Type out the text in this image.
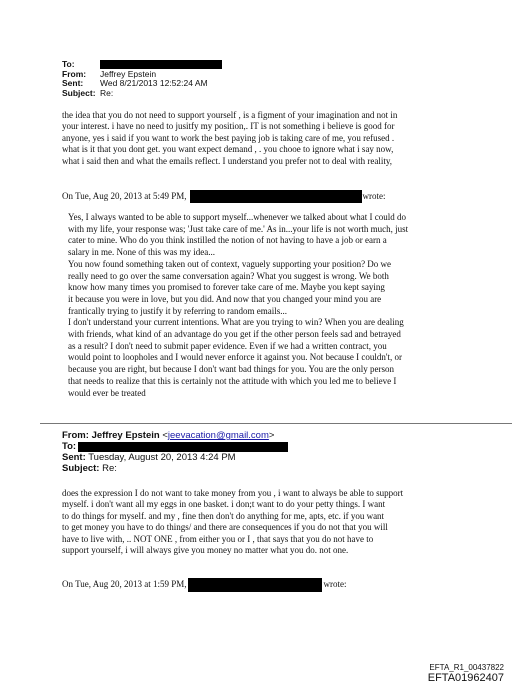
To:
From:	Jeffrey Epstein
Sent:	Wed 8/21/2013 12:52:24 AM
Subject: Re:
the idea that you do not need to support yourself , is a figment of your imagination and not in
your interest. i have no need to jusitfy my position,. IT is not something i believe is good for
anyone, yes i said if you want to work the best paying job is taking care of me, you refused .
what is it that you dont get. you want expect demand , . you chooe to ignore what i say now,
what i said then and what the emails reflect. I understand you prefer not to deal with reality,
On Tue, Aug 20, 2013 at 5:49 PM,	wrote:
Yes, I always wanted to be able to support myself...whenever we talked about what I could do
with my life, your response was; 'Just take care of me.' As in...your life is not worth much, just
cater to mine. Who do you think instilled the notion of not having to have a job or earn a
salary in me. None of this was my idea...
You now found something taken out of context, vaguely supporting your position? Do we
really need to go over the same conversation again? What you suggest is wrong. We both
know how many times you promised to forever take care of me. Maybe you kept saying
it because you were in love, but you did. And now that you changed your mind you are
frantically trying to justify it by referring to random emails...
I don't understand your current intentions. What are you trying to win? When you are dealing
with friends, what kind of an advantage do you get if the other person feels sad and betrayed
as a result? I don't need to submit paper evidence. Even if we had a written contract, you
would point to loopholes and I would never enforce it against you. Not because I couldn't, or
because you are right, but because I don't want bad things for you. You are the only person
that needs to realize that this is certainly not the attitude with which you led me to believe I
would ever be treated
From: Jeffrey Epstein <jeevacation@gmail.com>
To:
Sent: Tuesday, August 20, 2013 4:24 PM
Subject: Re:
does the expression I do not want to take money from you , i want to always be able to support
myself. i don't want all my eggs in one basket. i don;t want to do your petty things. I want
to do things for myself. and my , fine then don't do anything for me, apts, etc. if you want
to get money you have to do things/ and there are consequences if you do not that you will
have to live with, .. NOT ONE , from either you or I , that says that you do not have to
support yourself, i will always give you money no matter what you do. not one.
On Tue, Aug 20, 2013 at 1:59 PM,	wrote:
EFTA_R1_00437822
EFTA01962407
